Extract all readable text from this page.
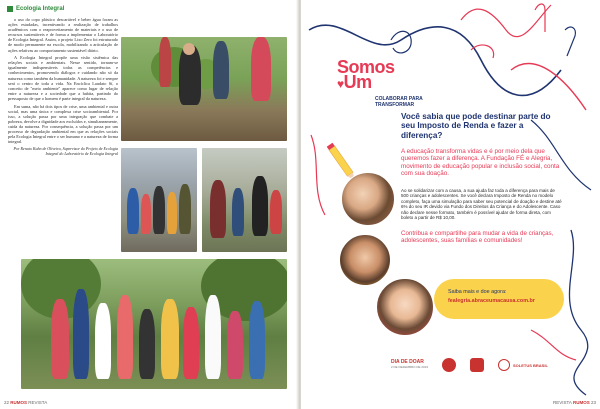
Ecologia Integral

o uso do copo plástico descartável e beber água foram as ações estudadas, incentivando a realização de trabalhos acadêmicos com o reaproveitamento de materiais e o uso de recursos sustentáveis e de forma a implementar o Laboratório de Ecologia Integral. Assim, o projeto Lixo Zero foi estruturado de modo permanente na escola, mobilizando a articulação de ações relativas ao comportamento sustentável diário.

A Ecologia Integral propõe uma visão sistêmica das relações sociais e ambientais. Nesse sentido, tornam-se igualmente indispensáveis todas as competências e conhecimentos, promovendo diálogos e cuidando não só da natureza como também da humanidade. A natureza foi e sempre será o centro de toda a vida. Na Encíclica Laudato Sí, o conceito de "meio ambiente" aparece como lugar de relação entre a natureza e a sociedade que a habita, partindo do pressuposto de que o homem é parte integral da natureza.

Em suma, não há dois tipos de crise, uma ambiental e outra social, mas uma única e complexa crise socioambiental. Por isso, a solução passa por uma integração que combate a pobreza, devolve a dignidade aos excluídos e, simultaneamente, cuida da natureza. Por consequência, a solução passa por um processo de degradação ambiental em que as relações sociais pela Ecologia Integral entre o ser humano e a natureza de forma integral.

Por Renato Kuhn de Oliveira, Supervisor do Projeto de Ecologia Integral do Laboratório de Ecologia Integral

22 RUMOS REVISTA
Somos
♥Um
COLABORAR PARA
TRANSFORMAR
Você sabia que pode destinar parte do seu Imposto de Renda e fazer a diferença?
A educação transforma vidas e é por meio dela que queremos fazer a diferença. A Fundação FÉ e Alegria, movimento de educação popular e inclusão social, conta com sua doação.
Ao se solidarizar com a causa, a sua ajuda faz toda a diferença para mais de 500 crianças e adolescentes. Se você declara Imposto de Renda no modelo completo, faça uma simulação para saber seu potencial de doação e destine até 6% do seu IR devido via Fundo dos Direitos da Criança e do Adolescente. Caso não declare nesse formato, também é possível ajudar de forma direta, com boleto a partir de R$ 10,00.
Contribua e compartilhe para mudar a vida de crianças, adolescentes, suas famílias e comunidades!
Saiba mais e doe agora:
fealegria.abraceumacausa.com.br
DIA DE DOAR
2 DE DEZEMBRO DE 2019	SOLETUS BRASIL
REVISTA RUMOS 23
